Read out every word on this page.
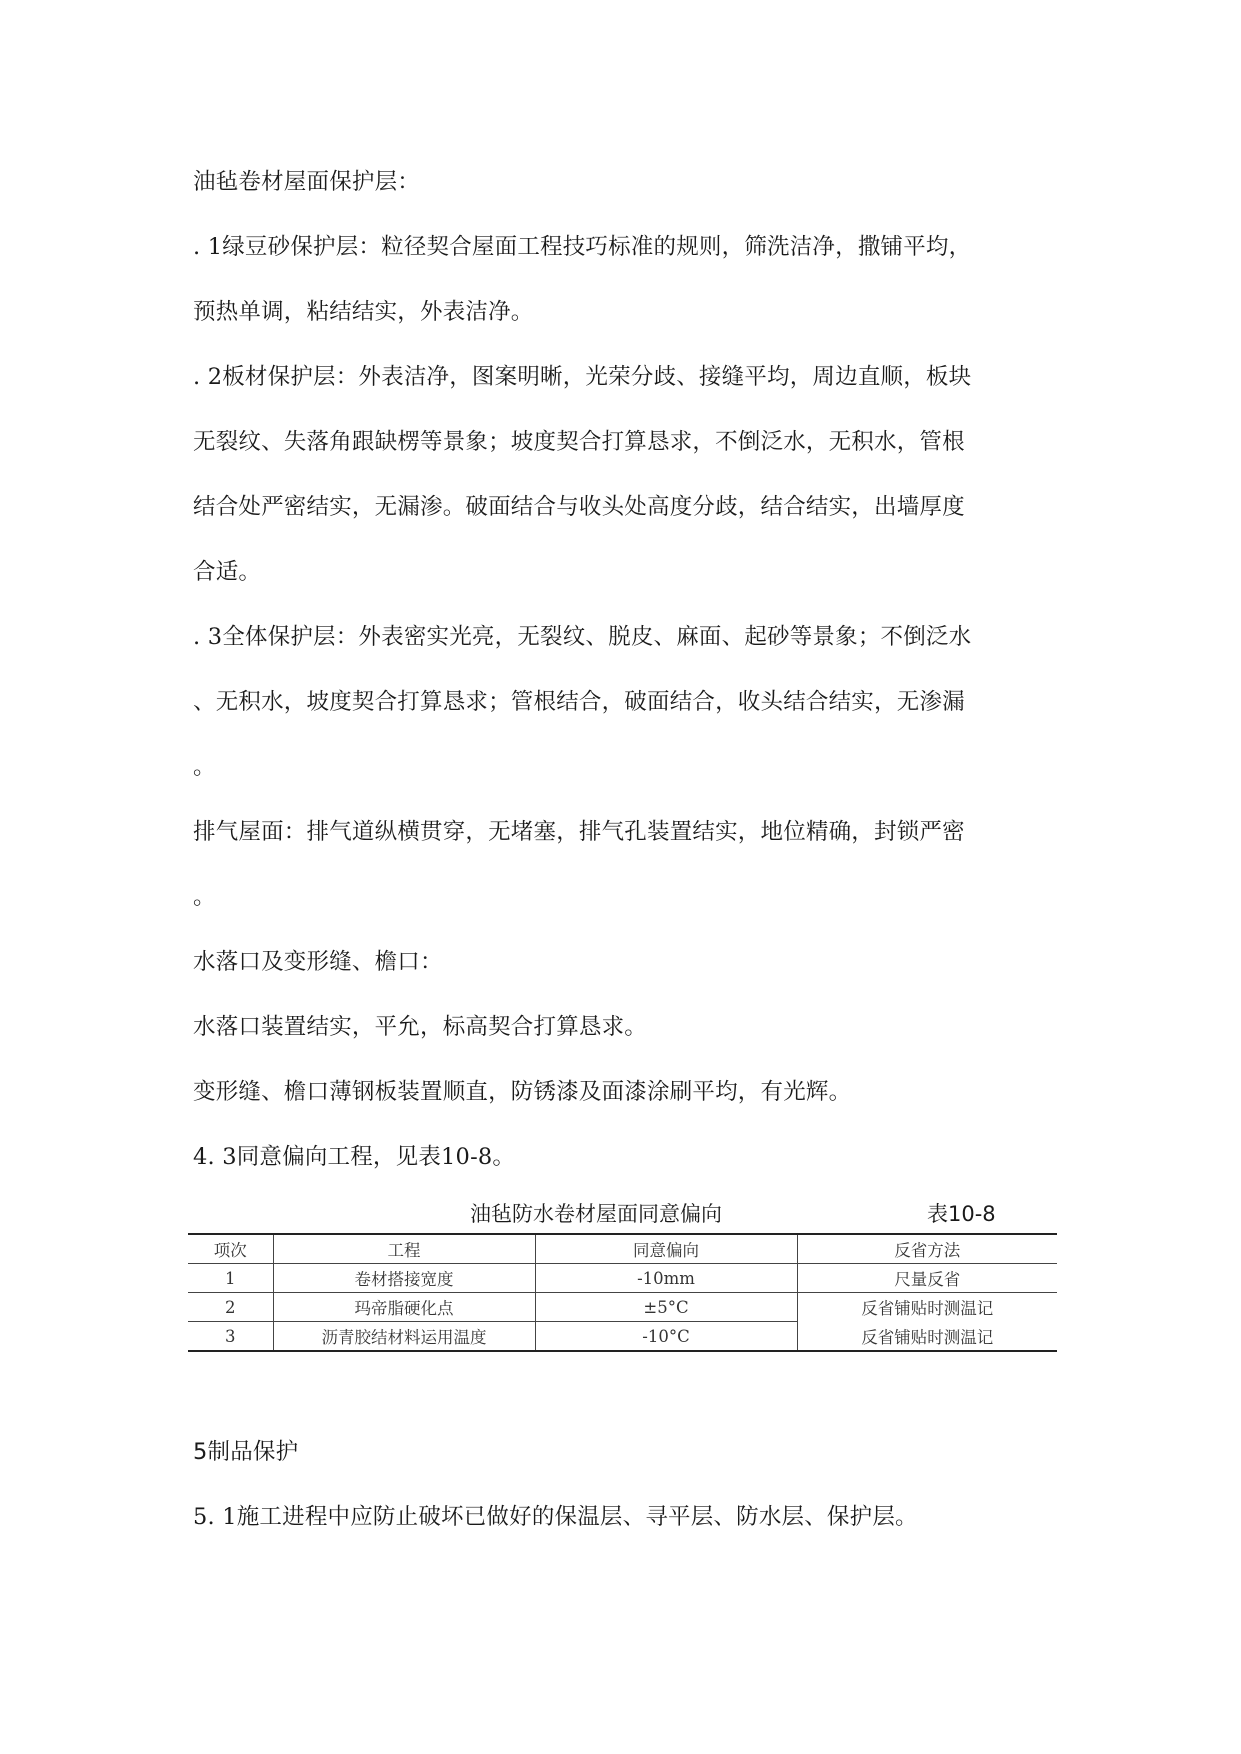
油毡卷材屋面保护层：
. 1绿豆砂保护层：粒径契合屋面工程技巧标准的规则，筛洗洁净，撒铺平均，
预热单调，粘结结实，外表洁净。
. 2板材保护层：外表洁净，图案明晰，光荣分歧、接缝平均，周边直顺，板块
无裂纹、失落角跟缺楞等景象；坡度契合打算恳求，不倒泛水，无积水，管根
结合处严密结实，无漏渗。破面结合与收头处高度分歧，结合结实，出墙厚度
合适。
. 3全体保护层：外表密实光亮，无裂纹、脱皮、麻面、起砂等景象；不倒泛水
、无积水，坡度契合打算恳求；管根结合，破面结合，收头结合结实，无渗漏
。
排气屋面：排气道纵横贯穿，无堵塞，排气孔装置结实，地位精确，封锁严密
。
水落口及变形缝、檐口：
水落口装置结实，平允，标高契合打算恳求。
变形缝、檐口薄钢板装置顺直，防锈漆及面漆涂刷平均，有光辉。
4. 3同意偏向工程，见表10-8。
油毡防水卷材屋面同意偏向	表10-8
项次	工程	同意偏向	反省方法
1	卷材搭接宽度	-10mm	尺量反省
2	玛帝脂硬化点	±5°C	反省铺贴时测温记
3	沥青胶结材料运用温度	-10°C	反省铺贴时测温记
5制品保护
5. 1施工进程中应防止破坏已做好的保温层、寻平层、防水层、保护层。
